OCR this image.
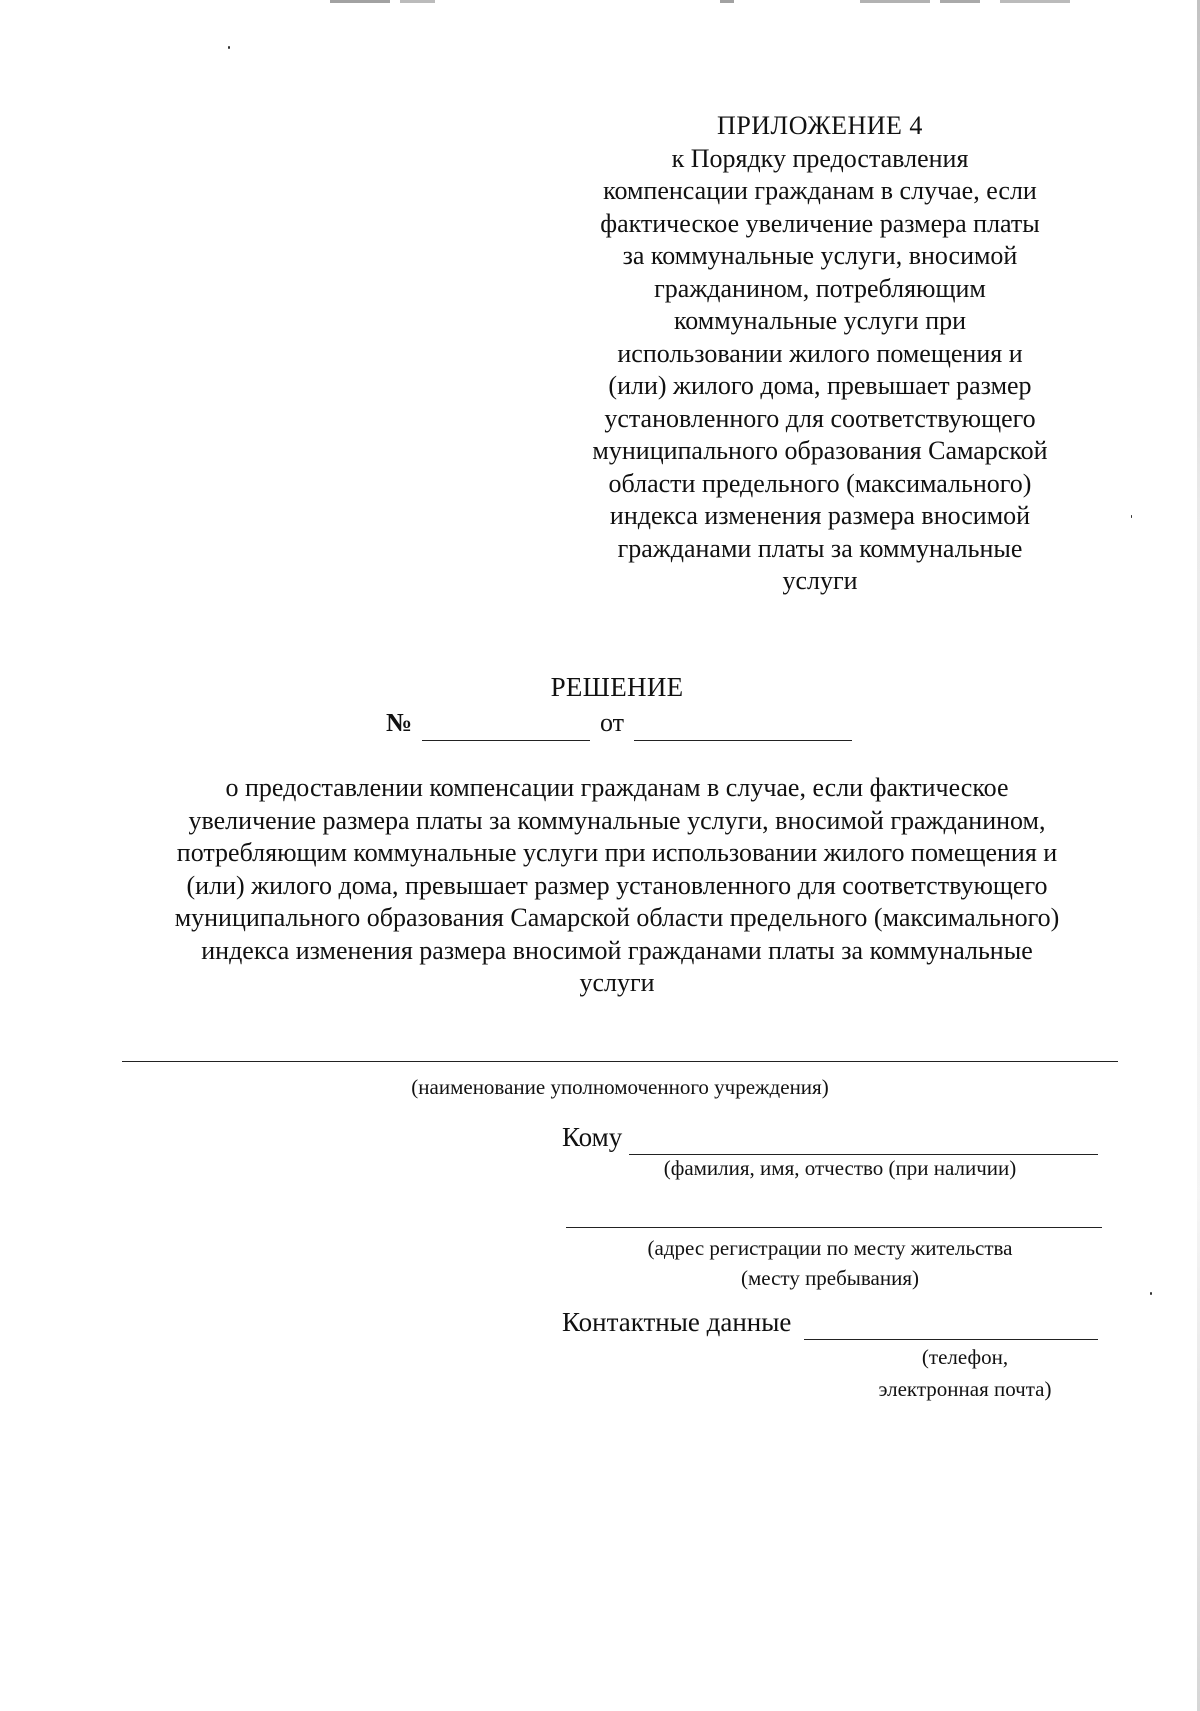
ПРИЛОЖЕНИЕ 4
к Порядку предоставления
компенсации гражданам в случае, если
фактическое увеличение размера платы
за коммунальные услуги, вносимой
гражданином, потребляющим
коммунальные услуги при
использовании жилого помещения и
(или) жилого дома, превышает размер
установленного для соответствующего
муниципального образования Самарской
области предельного (максимального)
индекса изменения размера вносимой
гражданами платы за коммунальные
услуги
РЕШЕНИЕ
№	от
о предоставлении компенсации гражданам в случае, если фактическое
увеличение размера платы за коммунальные услуги, вносимой гражданином,
потребляющим коммунальные услуги при использовании жилого помещения и
(или) жилого дома, превышает размер установленного для соответствующего
муниципального образования Самарской области предельного (максимального)
индекса изменения размера вносимой гражданами платы за коммунальные
услуги
(наименование уполномоченного учреждения)
Кому
(фамилия, имя, отчество (при наличии)
(адрес регистрации по месту жительства
(месту пребывания)
Контактные данные
(телефон,
электронная почта)
